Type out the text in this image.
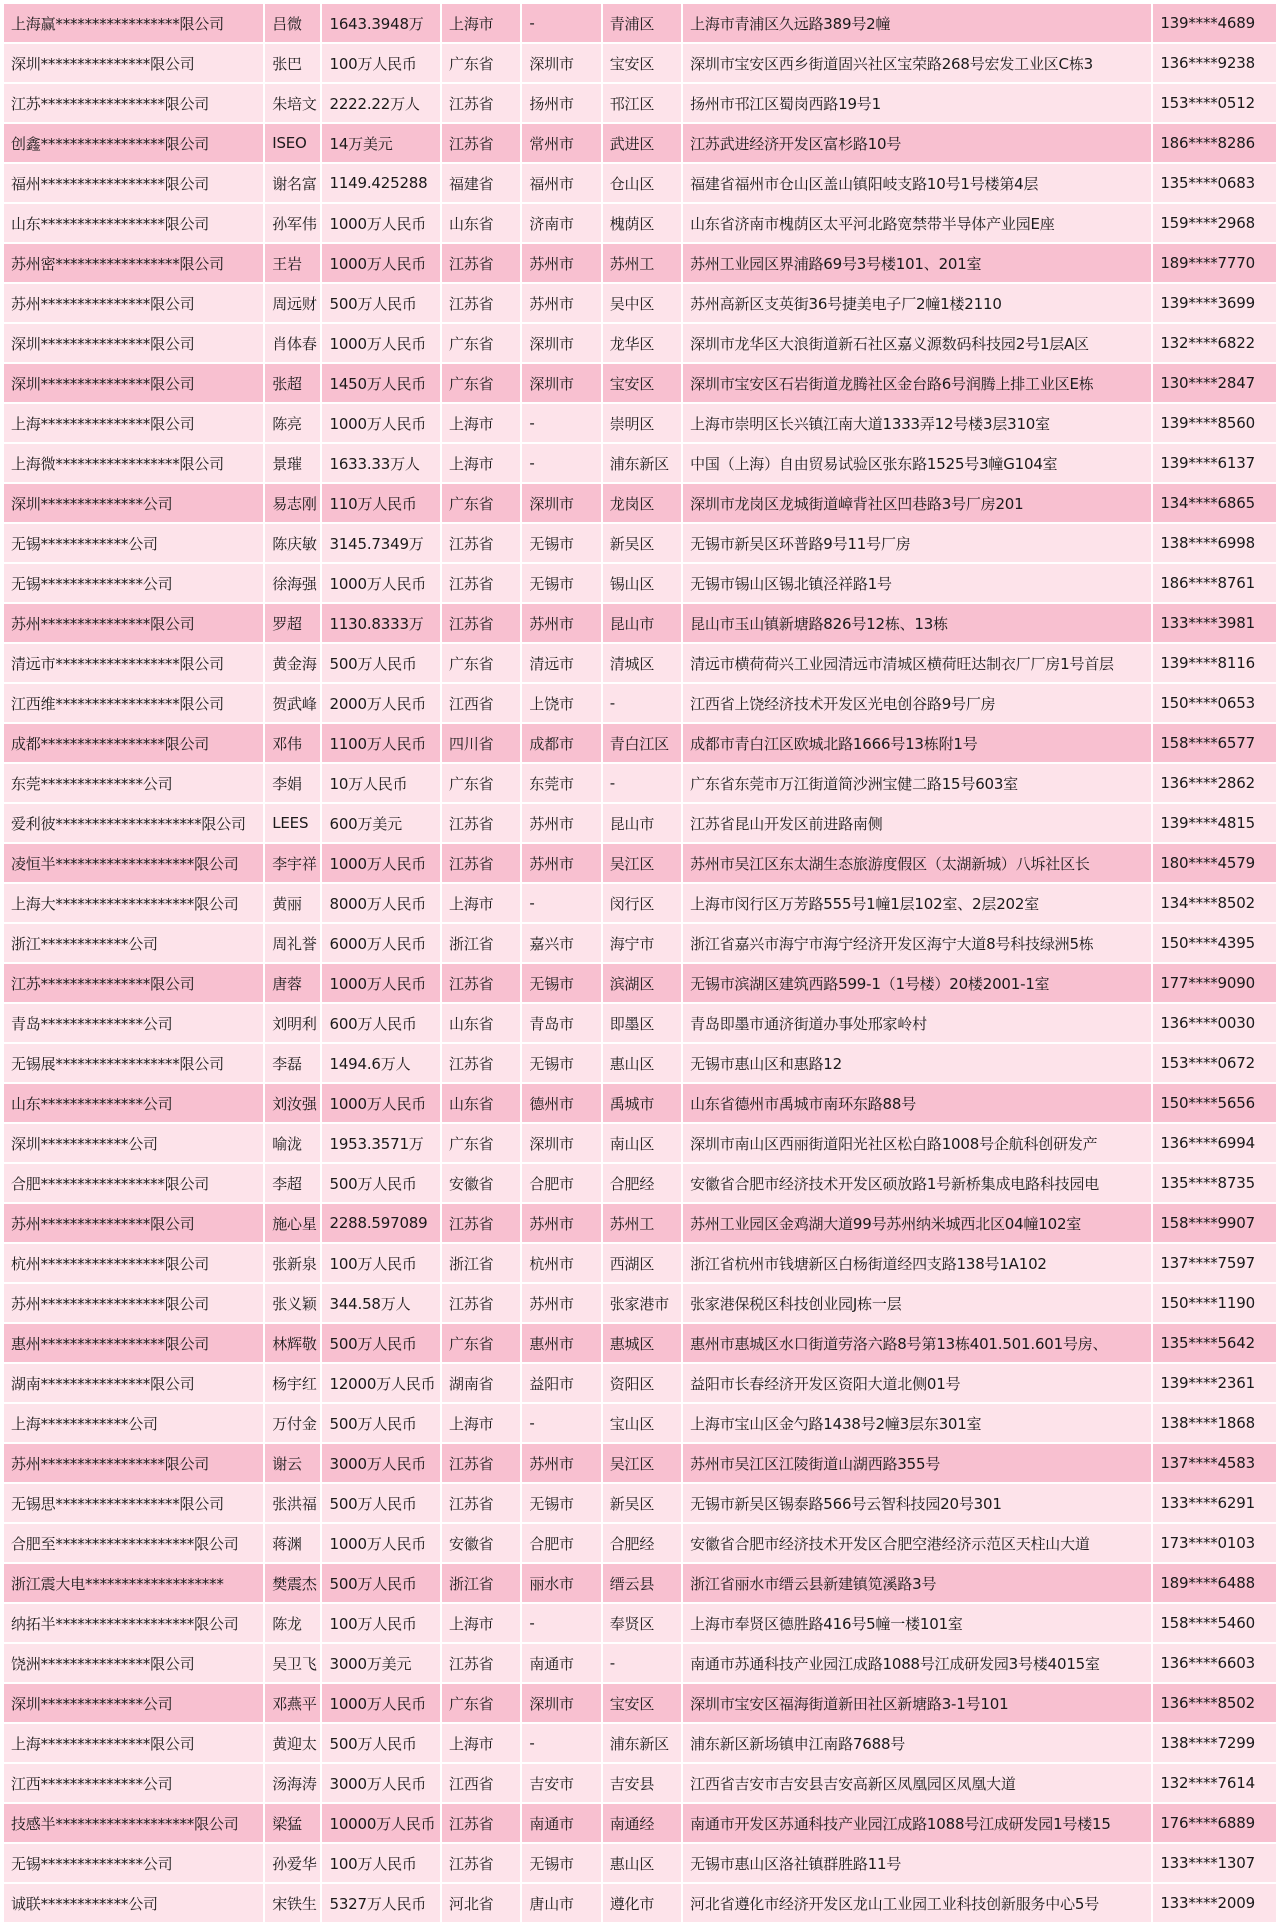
上海赢*****************限公司	吕微	1643.3948万	上海市	-	青浦区	上海市青浦区久远路389号2幢	139****4689
深圳***************限公司	张巴	100万人民币	广东省	深圳市	宝安区	深圳市宝安区西乡街道固兴社区宝荣路268号宏发工业区C栋3	136****9238
江苏*****************限公司	朱培文	2222.22万人	江苏省	扬州市	邗江区	扬州市邗江区蜀岗西路19号1	153****0512
创鑫*****************限公司	ISEO	14万美元	江苏省	常州市	武进区	江苏武进经济开发区富杉路10号	186****8286
福州*****************限公司	谢名富	1149.425288	福建省	福州市	仓山区	福建省福州市仓山区盖山镇阳岐支路10号1号楼第4层	135****0683
山东*****************限公司	孙军伟	1000万人民币	山东省	济南市	槐荫区	山东省济南市槐荫区太平河北路宽禁带半导体产业园E座	159****2968
苏州密*****************限公司	王岩	1000万人民币	江苏省	苏州市	苏州工	苏州工业园区界浦路69号3号楼101、201室	189****7770
苏州***************限公司	周远财	500万人民币	江苏省	苏州市	吴中区	苏州高新区支英街36号捷美电子厂2幢1楼2110	139****3699
深圳***************限公司	肖体春	1000万人民币	广东省	深圳市	龙华区	深圳市龙华区大浪街道新石社区嘉义源数码科技园2号1层A区	132****6822
深圳***************限公司	张超	1450万人民币	广东省	深圳市	宝安区	深圳市宝安区石岩街道龙腾社区金台路6号润腾上排工业区E栋	130****2847
上海***************限公司	陈亮	1000万人民币	上海市	-	崇明区	上海市崇明区长兴镇江南大道1333弄12号楼3层310室	139****8560
上海微*****************限公司	景璀	1633.33万人	上海市	-	浦东新区	中国（上海）自由贸易试验区张东路1525号3幢G104室	139****6137
深圳**************公司	易志刚	110万人民币	广东省	深圳市	龙岗区	深圳市龙岗区龙城街道嶂背社区凹巷路3号厂房201	134****6865
无锡************公司	陈庆敏	3145.7349万	江苏省	无锡市	新吴区	无锡市新吴区环普路9号11号厂房	138****6998
无锡**************公司	徐海强	1000万人民币	江苏省	无锡市	锡山区	无锡市锡山区锡北镇泾祥路1号	186****8761
苏州***************限公司	罗超	1130.8333万	江苏省	苏州市	昆山市	昆山市玉山镇新塘路826号12栋、13栋	133****3981
清远市*****************限公司	黄金海	500万人民币	广东省	清远市	清城区	清远市横荷荷兴工业园清远市清城区横荷旺达制衣厂厂房1号首层	139****8116
江西维*****************限公司	贺武峰	2000万人民币	江西省	上饶市	-	江西省上饶经济技术开发区光电创谷路9号厂房	150****0653
成都*****************限公司	邓伟	1100万人民币	四川省	成都市	青白江区	成都市青白江区欧城北路1666号13栋附1号	158****6577
东莞**************公司	李娟	10万人民币	广东省	东莞市	-	广东省东莞市万江街道简沙洲宝健二路15号603室	136****2862
爱利彼********************限公司	LEES	600万美元	江苏省	苏州市	昆山市	江苏省昆山开发区前进路南侧	139****4815
凌恒半*******************限公司	李宇祥	1000万人民币	江苏省	苏州市	吴江区	苏州市吴江区东太湖生态旅游度假区（太湖新城）八坼社区长	180****4579
上海大*******************限公司	黄丽	8000万人民币	上海市	-	闵行区	上海市闵行区万芳路555号1幢1层102室、2层202室	134****8502
浙江************公司	周礼誉	6000万人民币	浙江省	嘉兴市	海宁市	浙江省嘉兴市海宁市海宁经济开发区海宁大道8号科技绿洲5栋	150****4395
江苏***************限公司	唐蓉	1000万人民币	江苏省	无锡市	滨湖区	无锡市滨湖区建筑西路599-1（1号楼）20楼2001-1室	177****9090
青岛**************公司	刘明利	600万人民币	山东省	青岛市	即墨区	青岛即墨市通济街道办事处邢家岭村	136****0030
无锡展*****************限公司	李磊	1494.6万人	江苏省	无锡市	惠山区	无锡市惠山区和惠路12	153****0672
山东**************公司	刘汝强	1000万人民币	山东省	德州市	禹城市	山东省德州市禹城市南环东路88号	150****5656
深圳************公司	喻泷	1953.3571万	广东省	深圳市	南山区	深圳市南山区西丽街道阳光社区松白路1008号企航科创研发产	136****6994
合肥*****************限公司	李超	500万人民币	安徽省	合肥市	合肥经	安徽省合肥市经济技术开发区硕放路1号新桥集成电路科技园电	135****8735
苏州***************限公司	施心星	2288.597089	江苏省	苏州市	苏州工	苏州工业园区金鸡湖大道99号苏州纳米城西北区04幢102室	158****9907
杭州*****************限公司	张新泉	100万人民币	浙江省	杭州市	西湖区	浙江省杭州市钱塘新区白杨街道经四支路138号1A102	137****7597
苏州*****************限公司	张义颖	344.58万人	江苏省	苏州市	张家港市	张家港保税区科技创业园J栋一层	150****1190
惠州*****************限公司	林辉敬	500万人民币	广东省	惠州市	惠城区	惠州市惠城区水口街道劳洛六路8号第13栋401.501.601号房、	135****5642
湖南***************限公司	杨宇红	12000万人民币	湖南省	益阳市	资阳区	益阳市长春经济开发区资阳大道北侧01号	139****2361
上海************公司	万付金	500万人民币	上海市	-	宝山区	上海市宝山区金勺路1438号2幢3层东301室	138****1868
苏州*****************限公司	谢云	3000万人民币	江苏省	苏州市	吴江区	苏州市吴江区江陵街道山湖西路355号	137****4583
无锡思*****************限公司	张洪福	500万人民币	江苏省	无锡市	新吴区	无锡市新吴区锡泰路566号云智科技园20号301	133****6291
合肥至*******************限公司	蒋渊	1000万人民币	安徽省	合肥市	合肥经	安徽省合肥市经济技术开发区合肥空港经济示范区天柱山大道	173****0103
浙江震大电*******************	樊震杰	500万人民币	浙江省	丽水市	缙云县	浙江省丽水市缙云县新建镇笕溪路3号	189****6488
纳拓半*******************限公司	陈龙	100万人民币	上海市	-	奉贤区	上海市奉贤区德胜路416号5幢一楼101室	158****5460
饶洲***************限公司	吴卫飞	3000万美元	江苏省	南通市	-	南通市苏通科技产业园江成路1088号江成研发园3号楼4015室	136****6603
深圳**************公司	邓燕平	1000万人民币	广东省	深圳市	宝安区	深圳市宝安区福海街道新田社区新塘路3-1号101	136****8502
上海***************限公司	黄迎太	500万人民币	上海市	-	浦东新区	浦东新区新场镇申江南路7688号	138****7299
江西**************公司	汤海涛	3000万人民币	江西省	吉安市	吉安县	江西省吉安市吉安县吉安高新区凤凰园区凤凰大道	132****7614
技感半*******************限公司	梁猛	10000万人民币	江苏省	南通市	南通经	南通市开发区苏通科技产业园江成路1088号江成研发园1号楼15	176****6889
无锡**************公司	孙爱华	100万人民币	江苏省	无锡市	惠山区	无锡市惠山区洛社镇群胜路11号	133****1307
诚联************公司	宋铁生	5327万人民币	河北省	唐山市	遵化市	河北省遵化市经济开发区龙山工业园工业科技创新服务中心5号	133****2009
